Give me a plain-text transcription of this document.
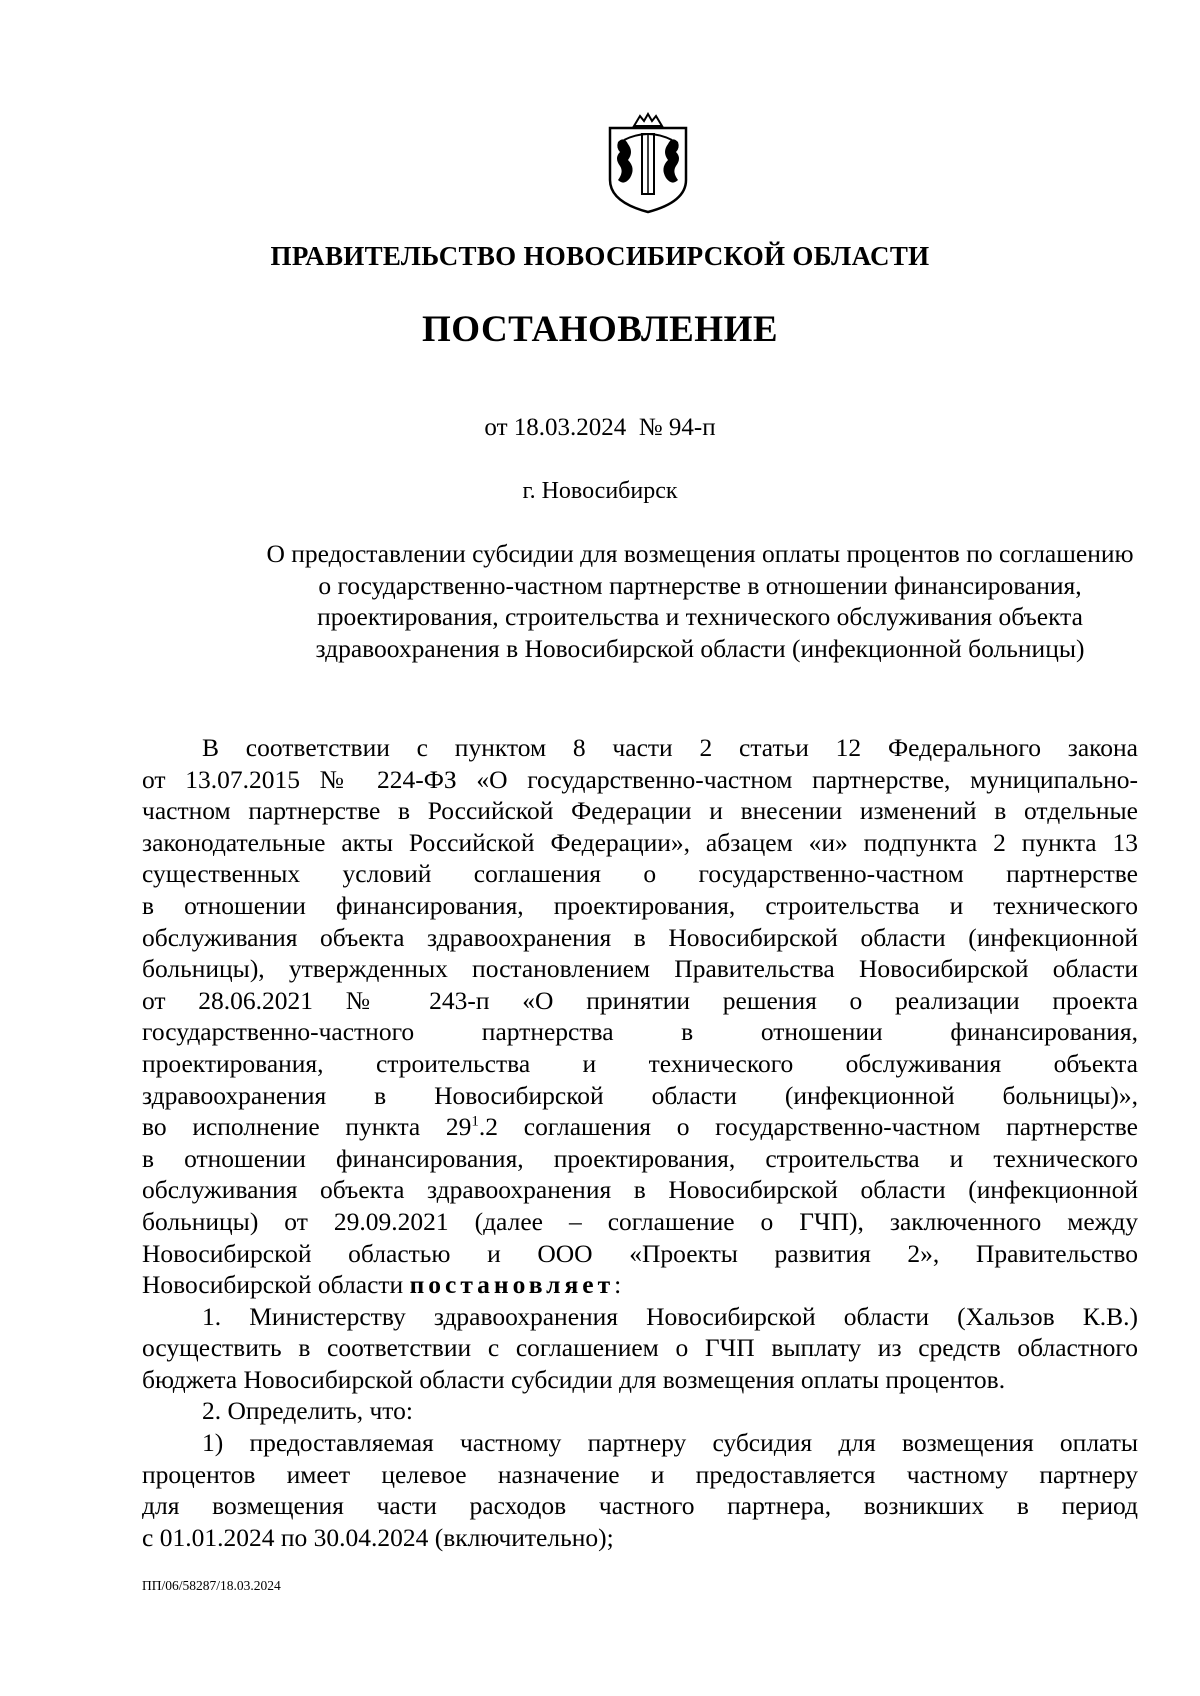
ПРАВИТЕЛЬСТВО НОВОСИБИРСКОЙ ОБЛАСТИ
ПОСТАНОВЛЕНИЕ
от 18.03.2024  № 94-п
г. Новосибирск
О предоставлении субсидии для возмещения оплаты процентов по соглашению
о государственно-частном партнерстве в отношении финансирования,
проектирования, строительства и технического обслуживания объекта
здравоохранения в Новосибирской области (инфекционной больницы)
В соответствии с пунктом 8 части 2 статьи 12 Федерального закона
от 13.07.2015 № 224-ФЗ «О государственно-частном партнерстве, муниципально-
частном партнерстве в Российской Федерации и внесении изменений в отдельные
законодательные акты Российской Федерации», абзацем «и» подпункта 2 пункта 13
существенных условий соглашения о государственно-частном партнерстве
в отношении финансирования, проектирования, строительства и технического
обслуживания объекта здравоохранения в Новосибирской области (инфекционной
больницы), утвержденных постановлением Правительства Новосибирской области
от 28.06.2021 № 243-п «О принятии решения о реализации проекта
государственно-частного партнерства в отношении финансирования,
проектирования, строительства и технического обслуживания объекта
здравоохранения в Новосибирской области (инфекционной больницы)»,
во исполнение пункта $29^1.2$ соглашения о государственно-частном партнерстве
в отношении финансирования, проектирования, строительства и технического
обслуживания объекта здравоохранения в Новосибирской области (инфекционной
больницы) от 29.09.2021 (далее – соглашение о ГЧП), заключенного между
Новосибирской областью и ООО «Проекты развития 2», Правительство
Новосибирской области постановляет:
1. Министерству здравоохранения Новосибирской области (Хальзов К.В.)
осуществить в соответствии с соглашением о ГЧП выплату из средств областного
бюджета Новосибирской области субсидии для возмещения оплаты процентов.
2. Определить, что:
1) предоставляемая частному партнеру субсидия для возмещения оплаты
процентов имеет целевое назначение и предоставляется частному партнеру
для возмещения части расходов частного партнера, возникших в период
с 01.01.2024 по 30.04.2024 (включительно);
ПП/06/58287/18.03.2024
